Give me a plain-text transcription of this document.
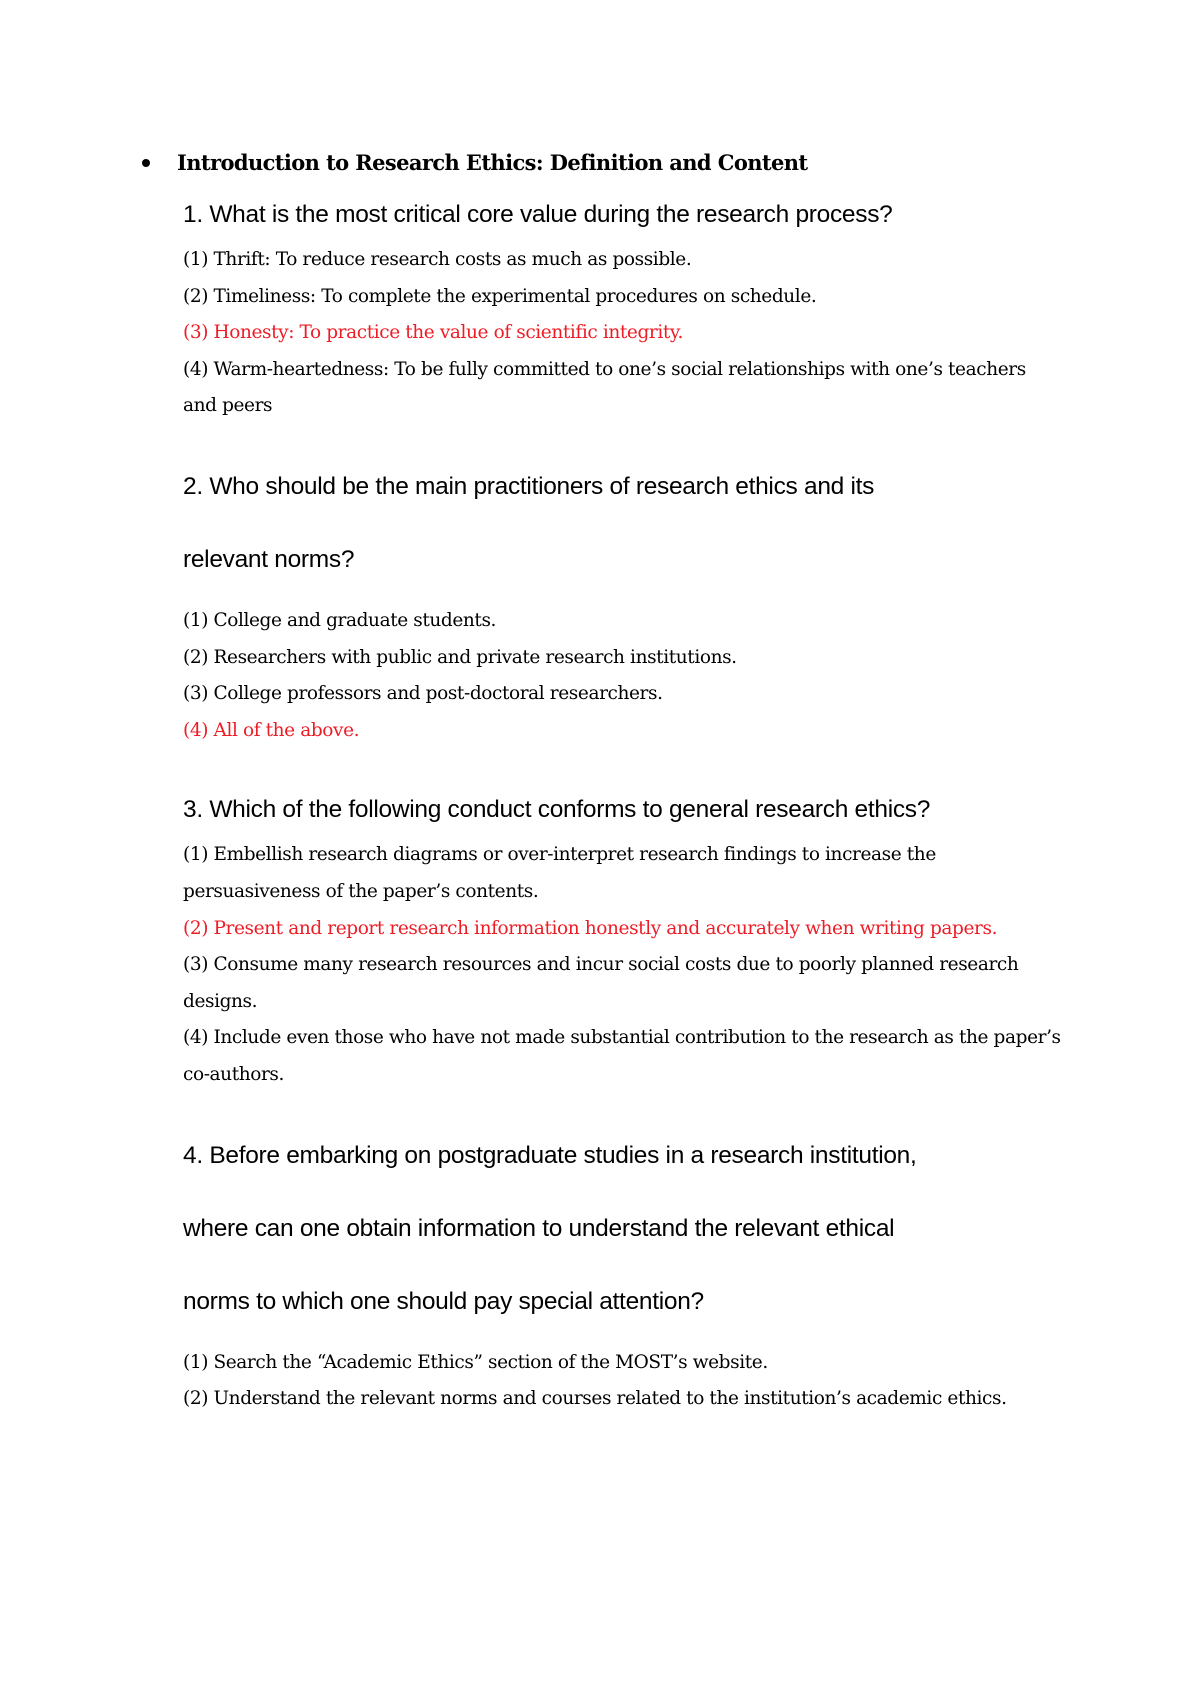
Introduction to Research Ethics: Definition and Content

1. What is the most critical core value during the research process?

(1) Thrift: To reduce research costs as much as possible.

(2) Timeliness: To complete the experimental procedures on schedule.

(3) Honesty: To practice the value of scientific integrity.

(4) Warm-heartedness: To be fully committed to one’s social relationships with one’s teachers and peers

2. Who should be the main practitioners of research ethics and its relevant norms?

(1) College and graduate students.

(2) Researchers with public and private research institutions.

(3) College professors and post-doctoral researchers.

(4) All of the above.

3. Which of the following conduct conforms to general research ethics?

(1) Embellish research diagrams or over-interpret research findings to increase the persuasiveness of the paper’s contents.

(2) Present and report research information honestly and accurately when writing papers.

(3) Consume many research resources and incur social costs due to poorly planned research designs.

(4) Include even those who have not made substantial contribution to the research as the paper’s co-authors.

4. Before embarking on postgraduate studies in a research institution, where can one obtain information to understand the relevant ethical norms to which one should pay special attention?

(1) Search the “Academic Ethics” section of the MOST’s website.

(2) Understand the relevant norms and courses related to the institution’s academic ethics.
